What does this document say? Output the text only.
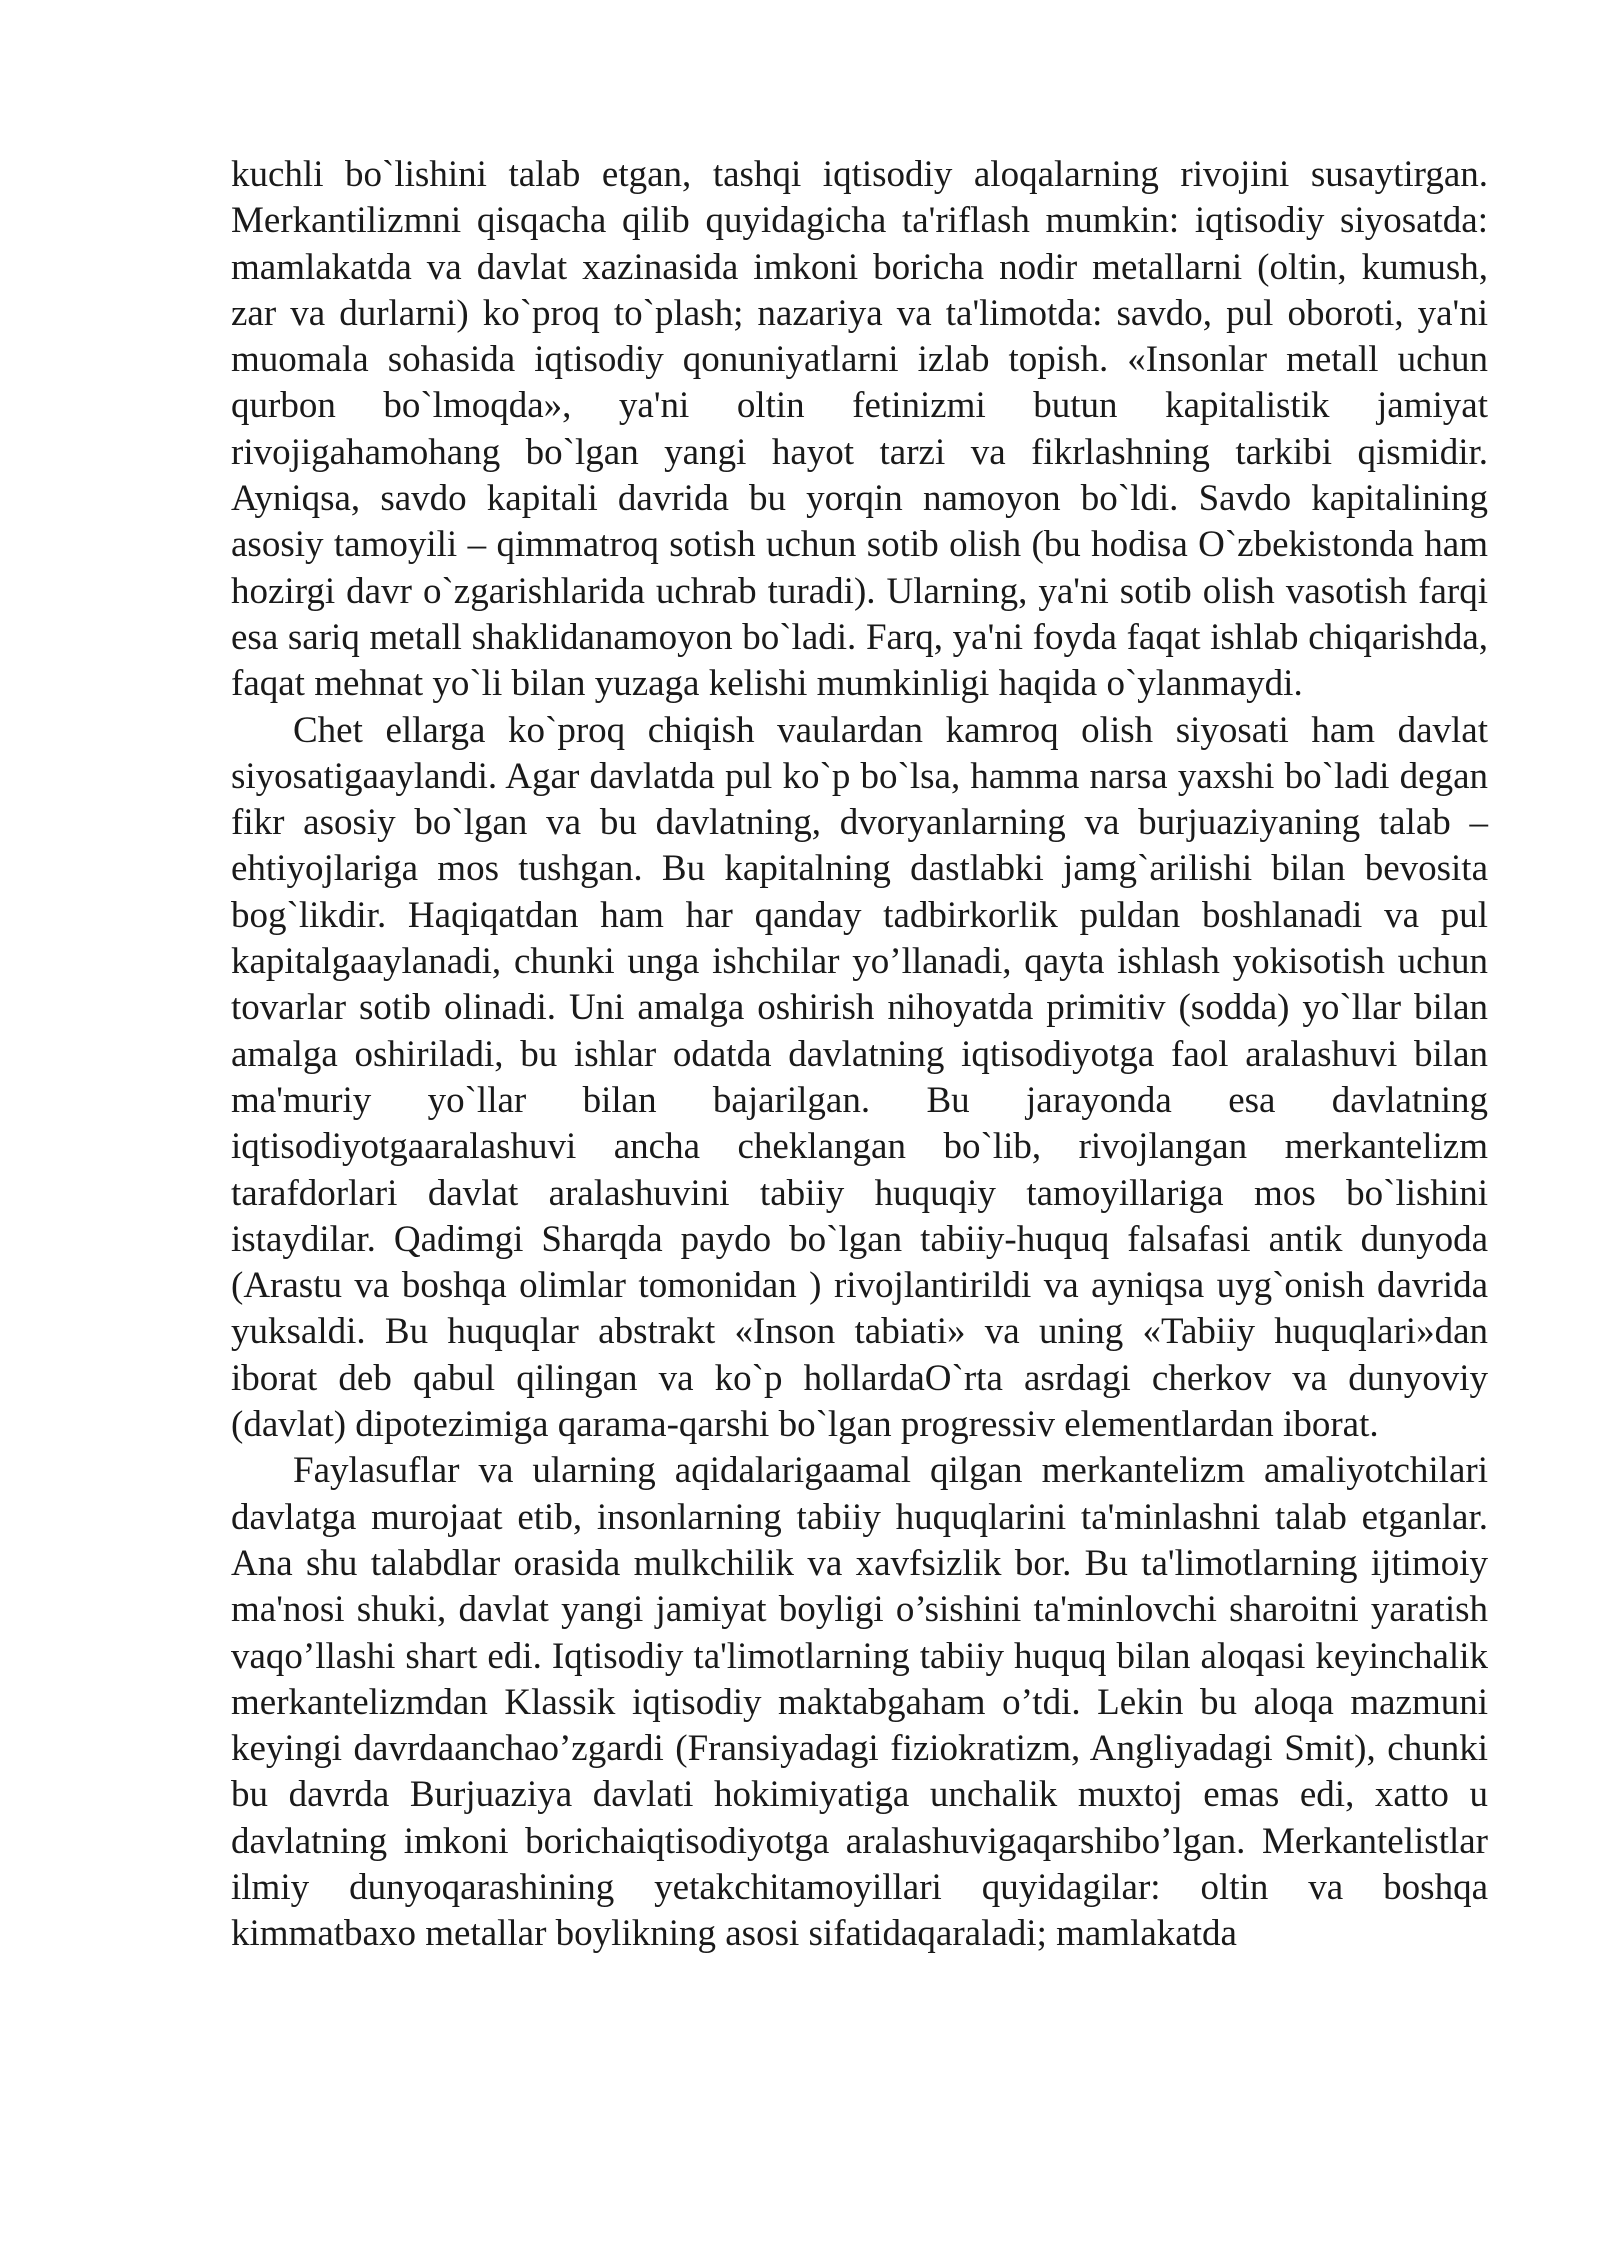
kuchli bo`lishini talab etgan, tashqi iqtisodiy aloqalarning rivojini susaytirgan. Merkantilizmni qisqacha qilib quyidagicha ta'riflash mumkin: iqtisodiy siyosatda: mamlakatda va davlat xazinasida imkoni boricha nodir metallarni (oltin, kumush, zar va durlarni) ko`proq to`plash; nazariya va ta'limotda: savdo, pul oboroti, ya'ni muomala sohasida iqtisodiy qonuniyatlarni izlab topish. «Insonlar metall uchun qurbon bo`lmoqda», ya'ni oltin fetinizmi butun kapitalistik jamiyat rivojigahamohang bo`lgan yangi hayot tarzi va fikrlashning tarkibi qismidir. Ayniqsa, savdo kapitali davrida bu yorqin namoyon bo`ldi. Savdo kapitalining asosiy tamoyili – qimmatroq sotish uchun sotib olish (bu hodisa O`zbekistonda ham hozirgi davr o`zgarishlarida uchrab turadi). Ularning, ya'ni sotib olish vasotish farqi esa sariq metall shaklidanamoyon bo`ladi. Farq, ya'ni foyda faqat ishlab chiqarishda, faqat mehnat yo`li bilan yuzaga kelishi mumkinligi haqida o`ylanmaydi.

Chet ellarga ko`proq chiqish vaulardan kamroq olish siyosati ham davlat siyosatigaaylandi. Agar davlatda pul ko`p bo`lsa, hamma narsa yaxshi bo`ladi degan fikr asosiy bo`lgan va bu davlatning, dvoryanlarning va burjuaziyaning talab – ehtiyojlariga mos tushgan. Bu kapitalning dastlabki jamg`arilishi bilan bevosita bog`likdir. Haqiqatdan ham har qanday tadbirkorlik puldan boshlanadi va pul kapitalgaaylanadi, chunki unga ishchilar yo’llanadi, qayta ishlash yokisotish uchun tovarlar sotib olinadi. Uni amalga oshirish nihoyatda primitiv (sodda) yo`llar bilan amalga oshiriladi, bu ishlar odatda davlatning iqtisodiyotga faol aralashuvi bilan ma'muriy yo`llar bilan bajarilgan. Bu jarayonda esa davlatning iqtisodiyotgaaralashuvi ancha cheklangan bo`lib, rivojlangan merkantelizm tarafdorlari davlat aralashuvini tabiiy huquqiy tamoyillariga mos bo`lishini istaydilar. Qadimgi Sharqda paydo bo`lgan tabiiy-huquq falsafasi antik dunyoda (Arastu va boshqa olimlar tomonidan ) rivojlantirildi va ayniqsa uyg`onish davrida yuksaldi. Bu huquqlar abstrakt «Inson tabiati» va uning «Tabiiy huquqlari»dan iborat deb qabul qilingan va ko`p hollardaO`rta asrdagi cherkov va dunyoviy (davlat) dipotezimiga qarama-qarshi bo`lgan progressiv elementlardan iborat.

Faylasuflar va ularning aqidalarigaamal qilgan merkantelizm amaliyotchilari davlatga murojaat etib, insonlarning tabiiy huquqlarini ta'minlashni talab etganlar. Ana shu talabdlar orasida mulkchilik va xavfsizlik bor. Bu ta'limotlarning ijtimoiy ma'nosi shuki, davlat yangi jamiyat boyligi o’sishini ta'minlovchi sharoitni yaratish vaqo’llashi shart edi. Iqtisodiy ta'limotlarning tabiiy huquq bilan aloqasi keyinchalik merkantelizmdan Klassik iqtisodiy maktabgaham o’tdi. Lekin bu aloqa mazmuni keyingi davrdaanchao’zgardi (Fransiyadagi fiziokratizm, Angliyadagi Smit), chunki bu davrda Burjuaziya davlati hokimiyatiga unchalik muxtoj emas edi, xatto u davlatning imkoni borichaiqtisodiyotga aralashuvigaqarshibo’lgan. Merkantelistlar ilmiy dunyoqarashining yetakchitamoyillari quyidagilar: oltin va boshqa kimmatbaxo metallar boylikning asosi sifatidaqaraladi; mamlakatda
